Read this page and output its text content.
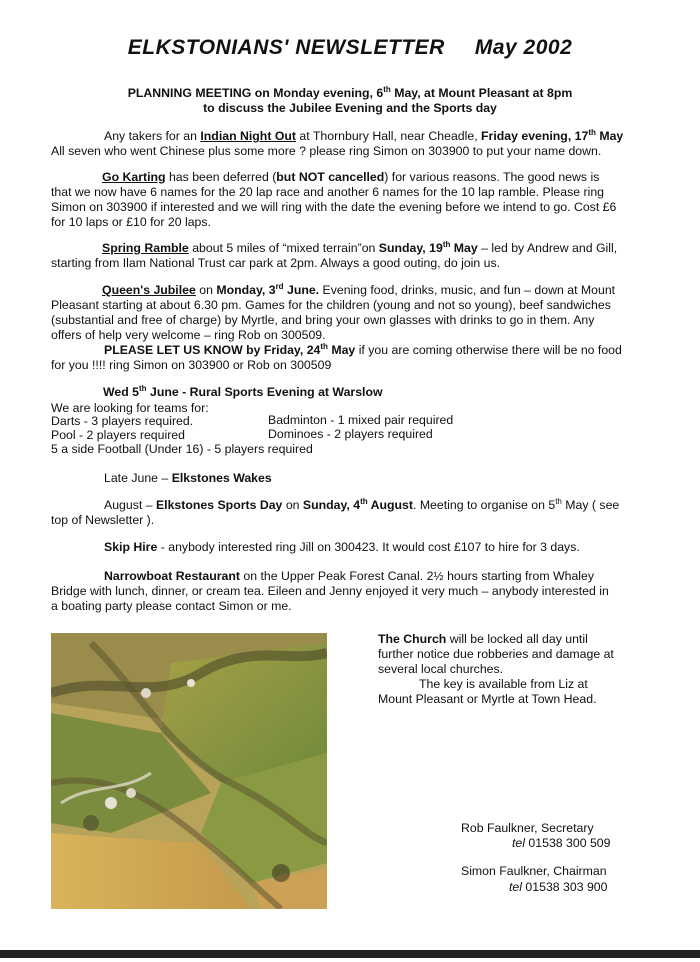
ELKSTONIANS' NEWSLETTER May 2002
PLANNING MEETING on Monday evening, 6th May, at Mount Pleasant at 8pm
to discuss the Jubilee Evening and the Sports day
Any takers for an Indian Night Out at Thornbury Hall, near Cheadle, Friday evening, 17th May
All seven who went Chinese plus some more ? please ring Simon on 303900 to put your name down.
Go Karting has been deferred (but NOT cancelled) for various reasons. The good news is
that we now have 6 names for the 20 lap race and another 6 names for the 10 lap ramble. Please ring
Simon on 303900 if interested and we will ring with the date the evening before we intend to go. Cost £6
for 10 laps or £10 for 20 laps.
Spring Ramble about 5 miles of “mixed terrain”on Sunday, 19th May – led by Andrew and Gill,
starting from Ilam National Trust car park at 2pm. Always a good outing, do join us.
Queen's Jubilee on Monday, 3rd June. Evening food, drinks, music, and fun – down at Mount
Pleasant starting at about 6.30 pm. Games for the children (young and not so young), beef sandwiches
(substantial and free of charge) by Myrtle, and bring your own glasses with drinks to go in them. Any
offers of help very welcome – ring Rob on 300509.
PLEASE LET US KNOW by Friday, 24th May if you are coming otherwise there will be no food
for you !!!! ring Simon on 303900 or Rob on 300509
Wed 5th June - Rural Sports Evening at Warslow
We are looking for teams for:
Darts - 3 players required.	Badminton - 1 mixed pair required
Pool - 2 players required	Dominoes - 2 players required
5 a side Football (Under 16) - 5 players required
Late June – Elkstones Wakes
August – Elkstones Sports Day on Sunday, 4th August. Meeting to organise on 5th May ( see
top of Newsletter ).
Skip Hire - anybody interested ring Jill on 300423. It would cost £107 to hire for 3 days.
Narrowboat Restaurant on the Upper Peak Forest Canal. 2½ hours starting from Whaley
Bridge with lunch, dinner, or cream tea. Eileen and Jenny enjoyed it very much – anybody interested in
a boating party please contact Simon or me.
The Church will be locked all day until
further notice due robberies and damage at
several local churches.
The key is available from Liz at
Mount Pleasant or Myrtle at Town Head.
Rob Faulkner, Secretary
tel 01538 300 509
Simon Faulkner, Chairman
tel 01538 303 900
